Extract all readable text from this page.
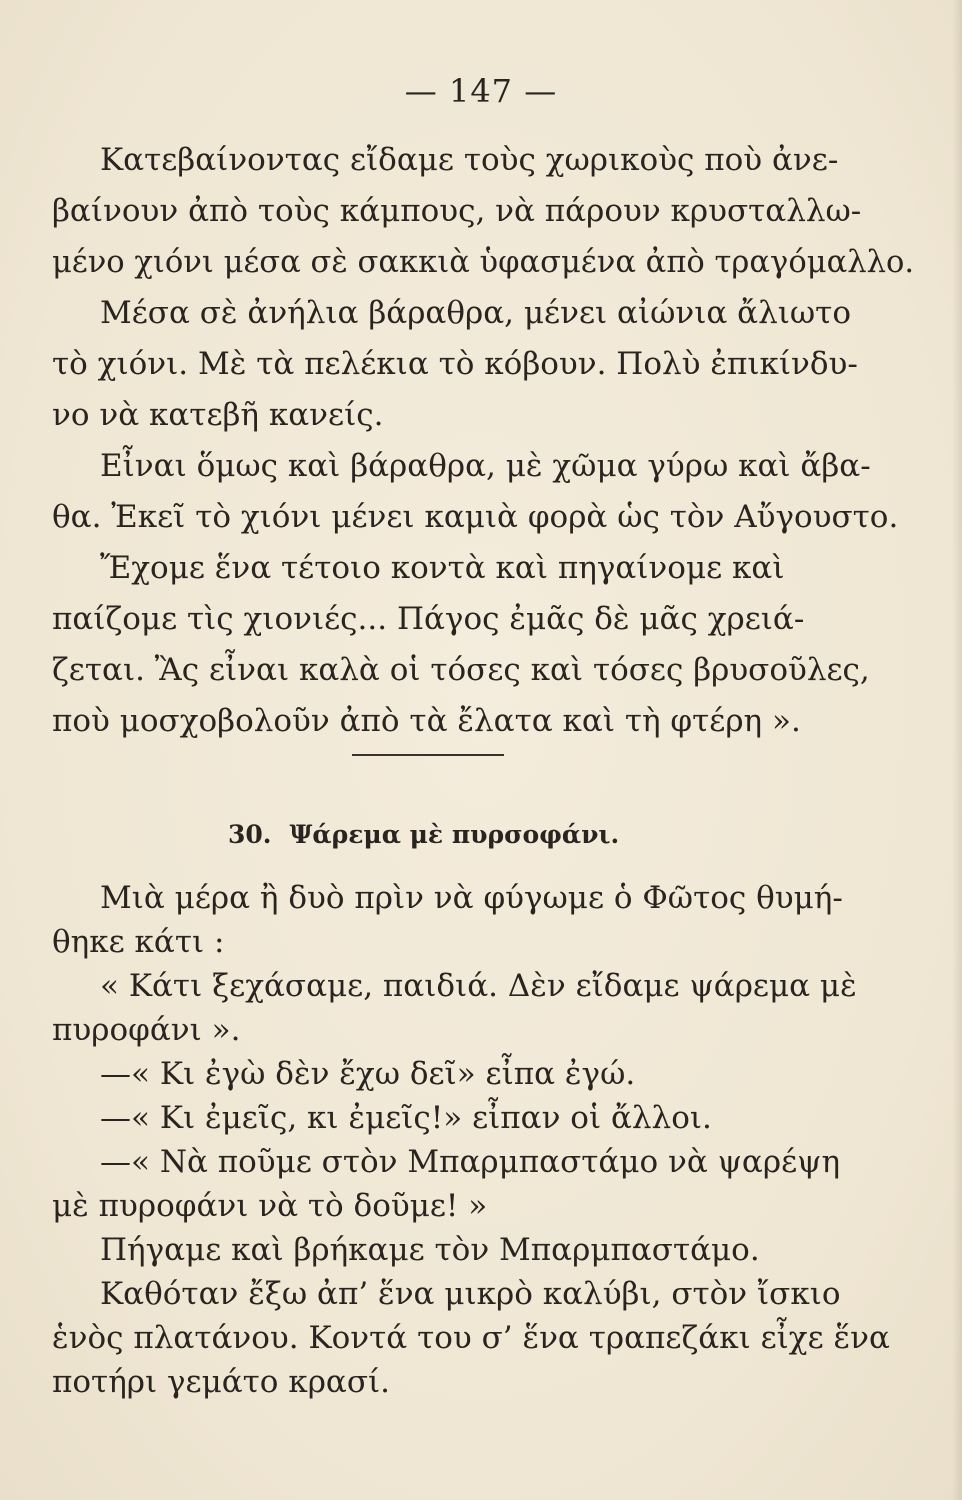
— 147 —
Κατεβαίνοντας εἴδαμε τοὺς χωρικοὺς ποὺ ἀνε-
βαίνουν ἀπὸ τοὺς κάμπους, νὰ πάρουν κρυσταλλω-
μένο χιόνι μέσα σὲ σακκιὰ ὑφασμένα ἀπὸ τραγόμαλλο.
Μέσα σὲ ἀνήλια βάραθρα, μένει αἰώνια ἄλιωτο
τὸ χιόνι. Μὲ τὰ πελέκια τὸ κόβουν. Πολὺ ἐπικίνδυ-
νο νὰ κατεβῆ κανείς.
Εἶναι ὅμως καὶ βάραθρα, μὲ χῶμα γύρω καὶ ἄβα-
θα. Ἐκεῖ τὸ χιόνι μένει καμιὰ φορὰ ὡς τὸν Αὔγουστο.
Ἔχομε ἕνα τέτοιο κοντὰ καὶ πηγαίνομε καὶ
παίζομε τὶς χιονιές... Πάγος ἐμᾶς δὲ μᾶς χρειά-
ζεται. Ἂς εἶναι καλὰ οἱ τόσες καὶ τόσες βρυσοῦλες,
ποὺ μοσχοβολοῦν ἀπὸ τὰ ἔλατα καὶ τὴ φτέρη ».
30. Ψάρεμα μὲ πυρσοφάνι.
Μιὰ μέρα ἢ δυὸ πρὶν νὰ φύγωμε ὁ Φῶτος θυμή-
θηκε κάτι :
« Κάτι ξεχάσαμε, παιδιά. Δὲν εἴδαμε ψάρεμα μὲ
πυροφάνι ».
—« Κι ἐγὼ δὲν ἔχω δεῖ» εἶπα ἐγώ.
—« Κι ἐμεῖς, κι ἐμεῖς!» εἶπαν οἱ ἄλλοι.
—« Νὰ ποῦμε στὸν Μπαρμπαστάμο νὰ ψαρέψη
μὲ πυροφάνι νὰ τὸ δοῦμε! »
Πήγαμε καὶ βρήκαμε τὸν Μπαρμπαστάμο.
Καθόταν ἔξω ἀπ’ ἕνα μικρὸ καλύβι, στὸν ἴσκιο
ἑνὸς πλατάνου. Κοντά του σ’ ἕνα τραπεζάκι εἶχε ἕνα
ποτήρι γεμάτο κρασί.
